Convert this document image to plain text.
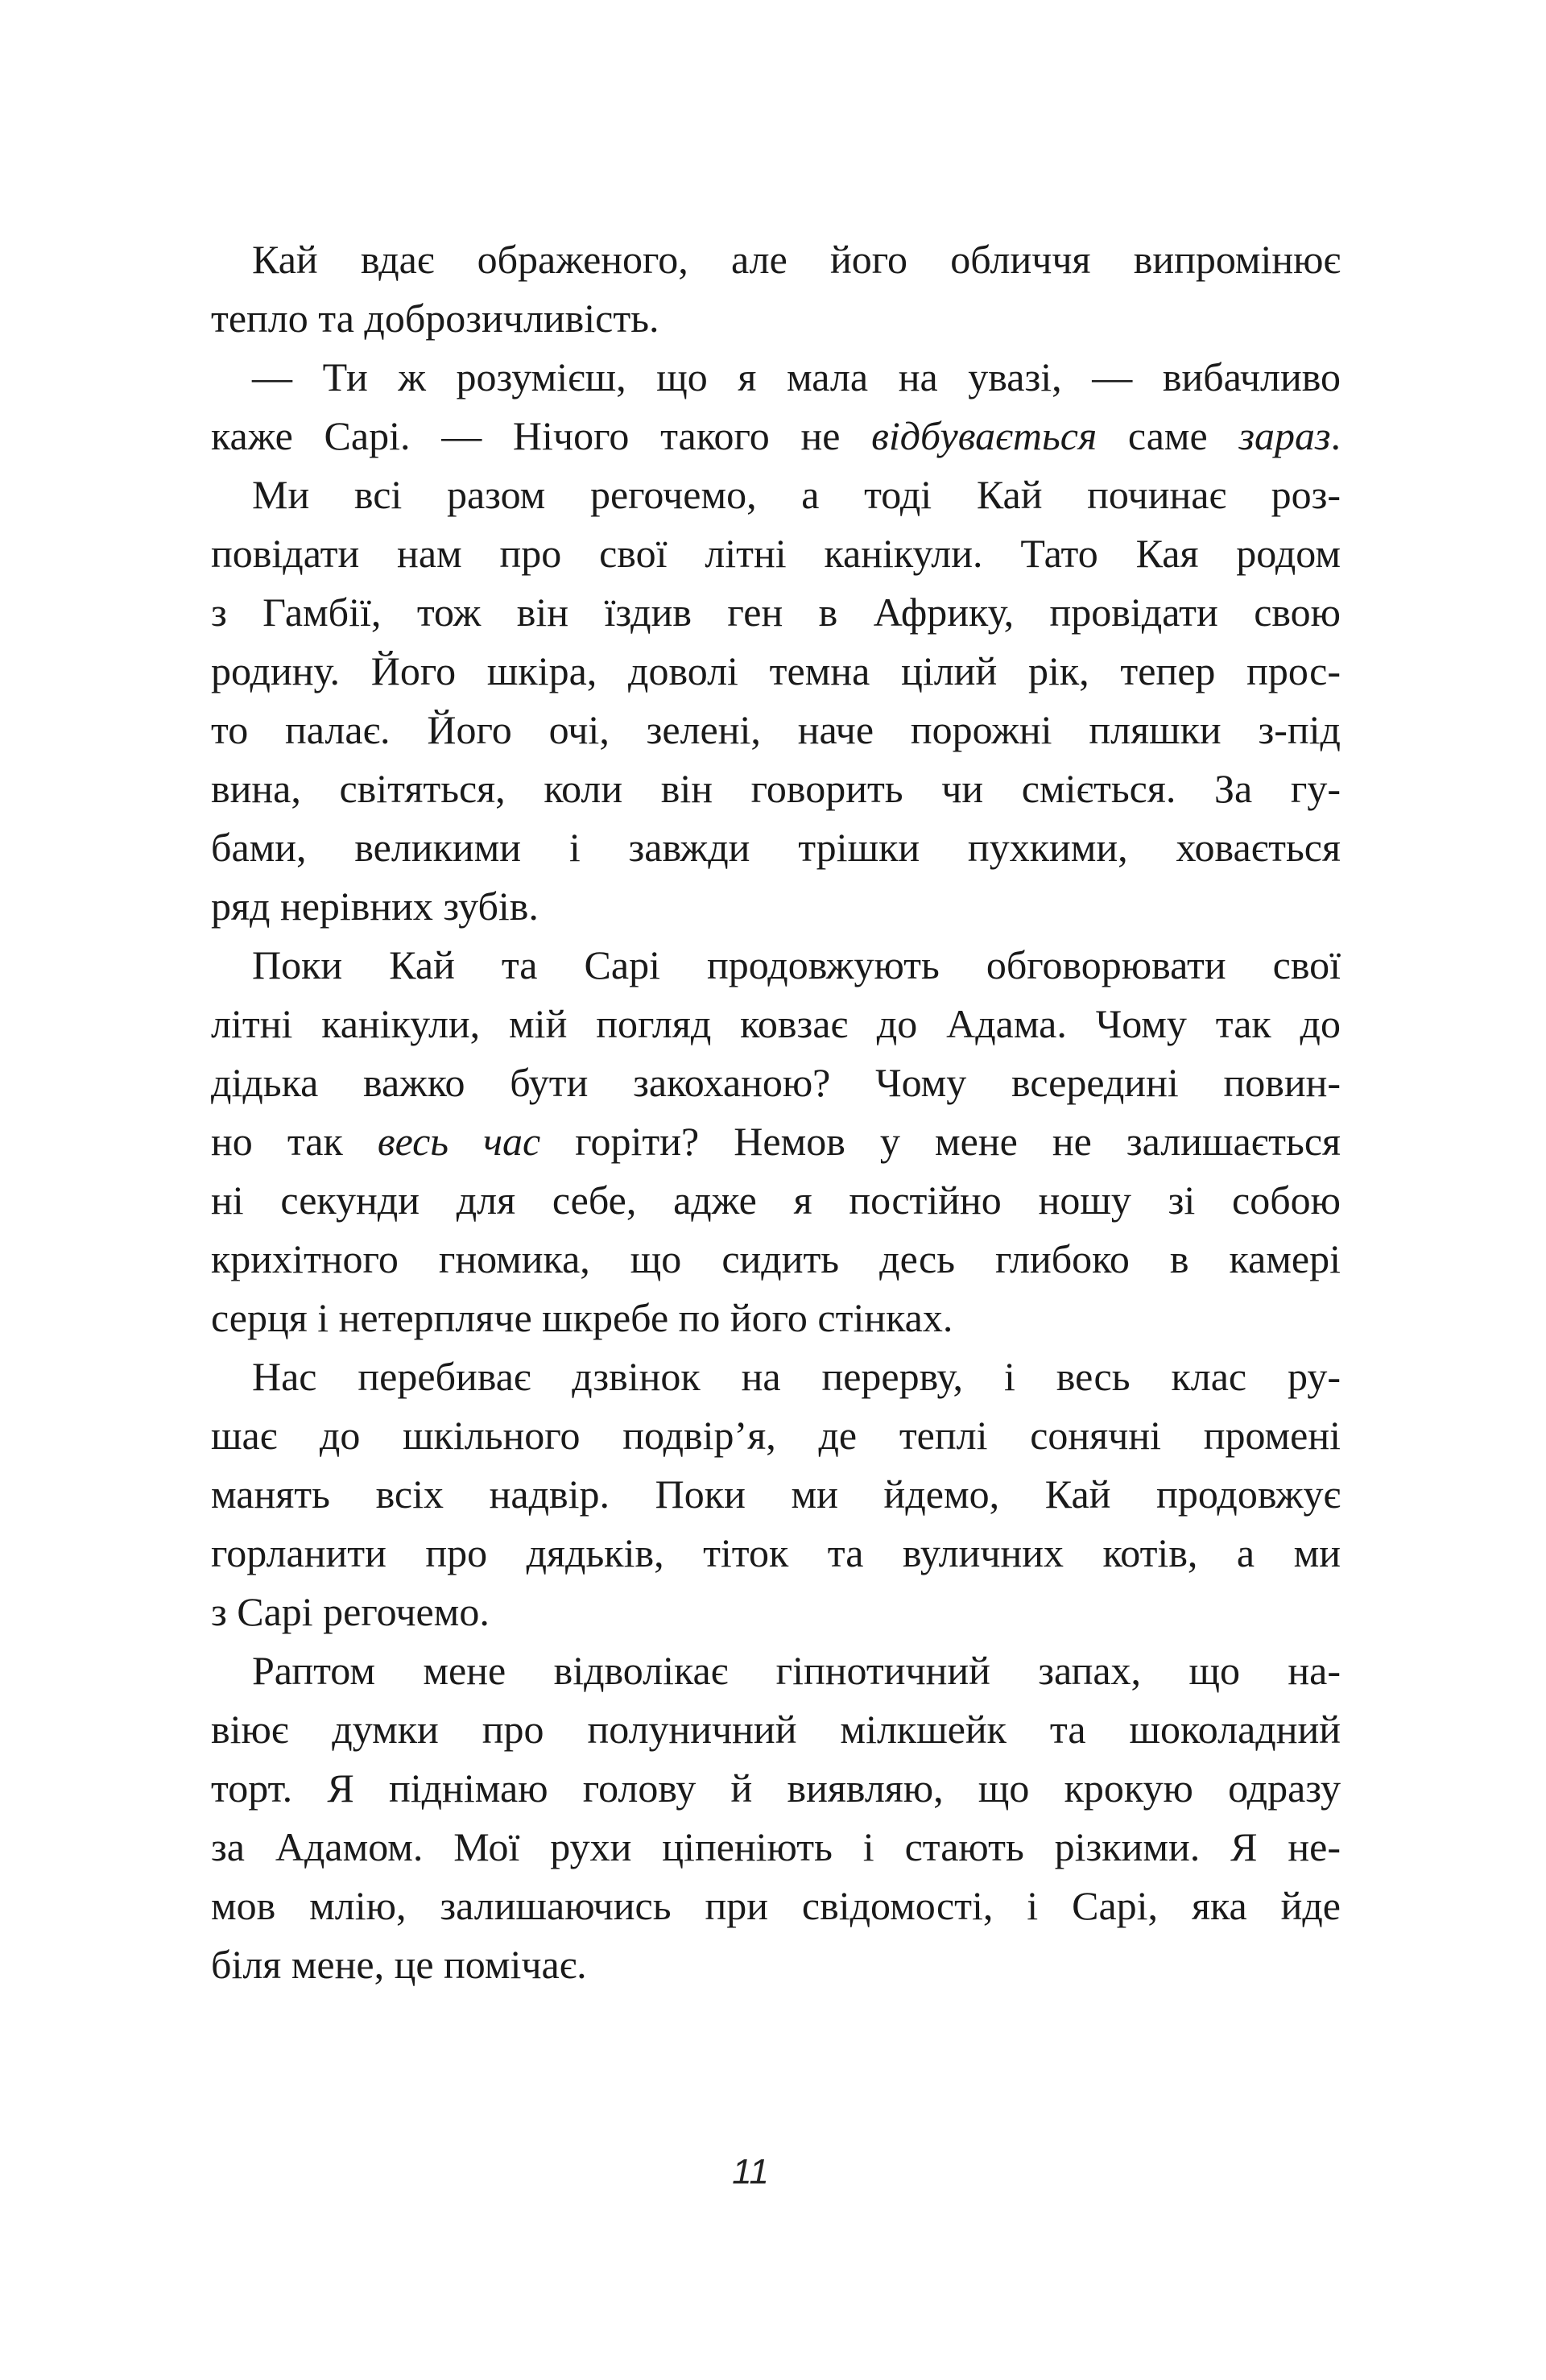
Кай вдає ображеного, але його обличчя випромінює
тепло та доброзичливість.
— Ти ж розумієш, що я мала на увазі, — вибачливо
каже Сарі. — Нічого такого не відбувається саме зараз.
Ми всі разом регочемо, а тоді Кай починає роз-
повідати нам про свої літні канікули. Тато Кая родом
з Гамбії, тож він їздив ген в Африку, провідати свою
родину. Його шкіра, доволі темна цілий рік, тепер прос-
то палає. Його очі, зелені, наче порожні пляшки з-під
вина, світяться, коли він говорить чи сміється. За гу-
бами, великими і завжди трішки пухкими, ховається
ряд нерівних зубів.
Поки Кай та Сарі продовжують обговорювати свої
літні канікули, мій погляд ковзає до Адама. Чому так до
дідька важко бути закоханою? Чому всередині повин-
но так весь час горіти? Немов у мене не залишається
ні секунди для себе, адже я постійно ношу зі собою
крихітного гномика, що сидить десь глибоко в камері
серця і нетерпляче шкребе по його стінках.
Нас перебиває дзвінок на перерву, і весь клас ру-
шає до шкільного подвір’я, де теплі сонячні промені
манять всіх надвір. Поки ми йдемо, Кай продовжує
горланити про дядьків, тіток та вуличних котів, а ми
з Сарі регочемо.
Раптом мене відволікає гіпнотичний запах, що на-
віює думки про полуничний мілкшейк та шоколадний
торт. Я піднімаю голову й виявляю, що крокую одразу
за Адамом. Мої рухи ціпеніють і стають різкими. Я не-
мов млію, залишаючись при свідомості, і Сарі, яка йде
біля мене, це помічає.
11
